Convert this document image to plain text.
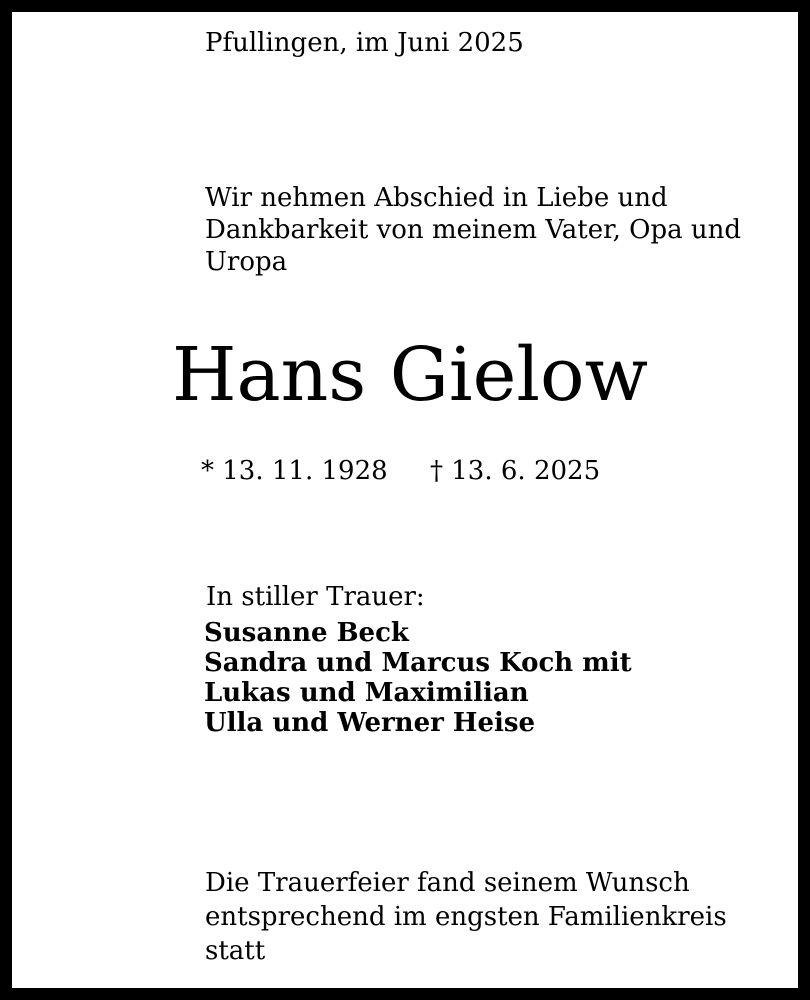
Pfullingen, im Juni 2025
Wir nehmen Abschied in Liebe und
Dankbarkeit von meinem Vater, Opa und
Uropa
Hans Gielow
* 13. 11. 1928 † 13. 6. 2025
In stiller Trauer:
Susanne Beck
Sandra und Marcus Koch mit
Lukas und Maximilian
Ulla und Werner Heise
Die Trauerfeier fand seinem Wunsch
entsprechend im engsten Familienkreis
statt
